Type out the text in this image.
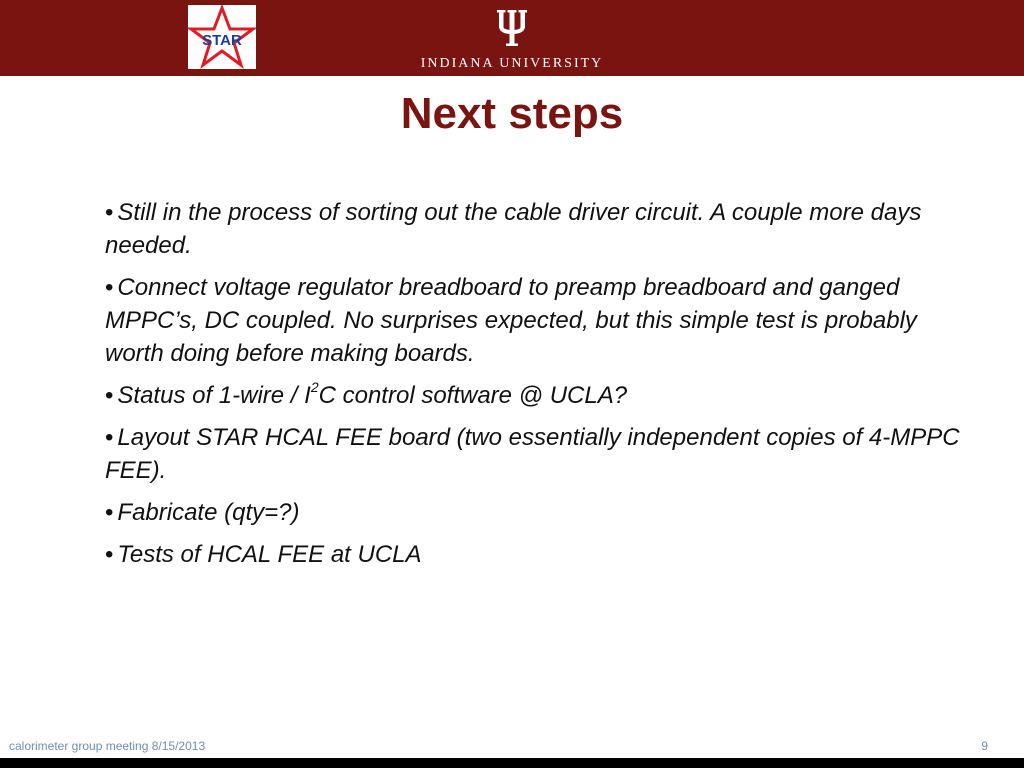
STAR
INDIANA UNIVERSITY
Next steps
• Still in the process of sorting out the cable driver circuit. A couple more days needed.
• Connect voltage regulator breadboard to preamp breadboard and ganged MPPC’s, DC coupled. No surprises expected, but this simple test is probably worth doing before making boards.
• Status of 1-wire / $I^2C$ control software @ UCLA?
• Layout STAR HCAL FEE board (two essentially independent copies of 4-MPPC FEE).
• Fabricate (qty=?)
• Tests of HCAL FEE at UCLA
calorimeter group meeting 8/15/2013	9
